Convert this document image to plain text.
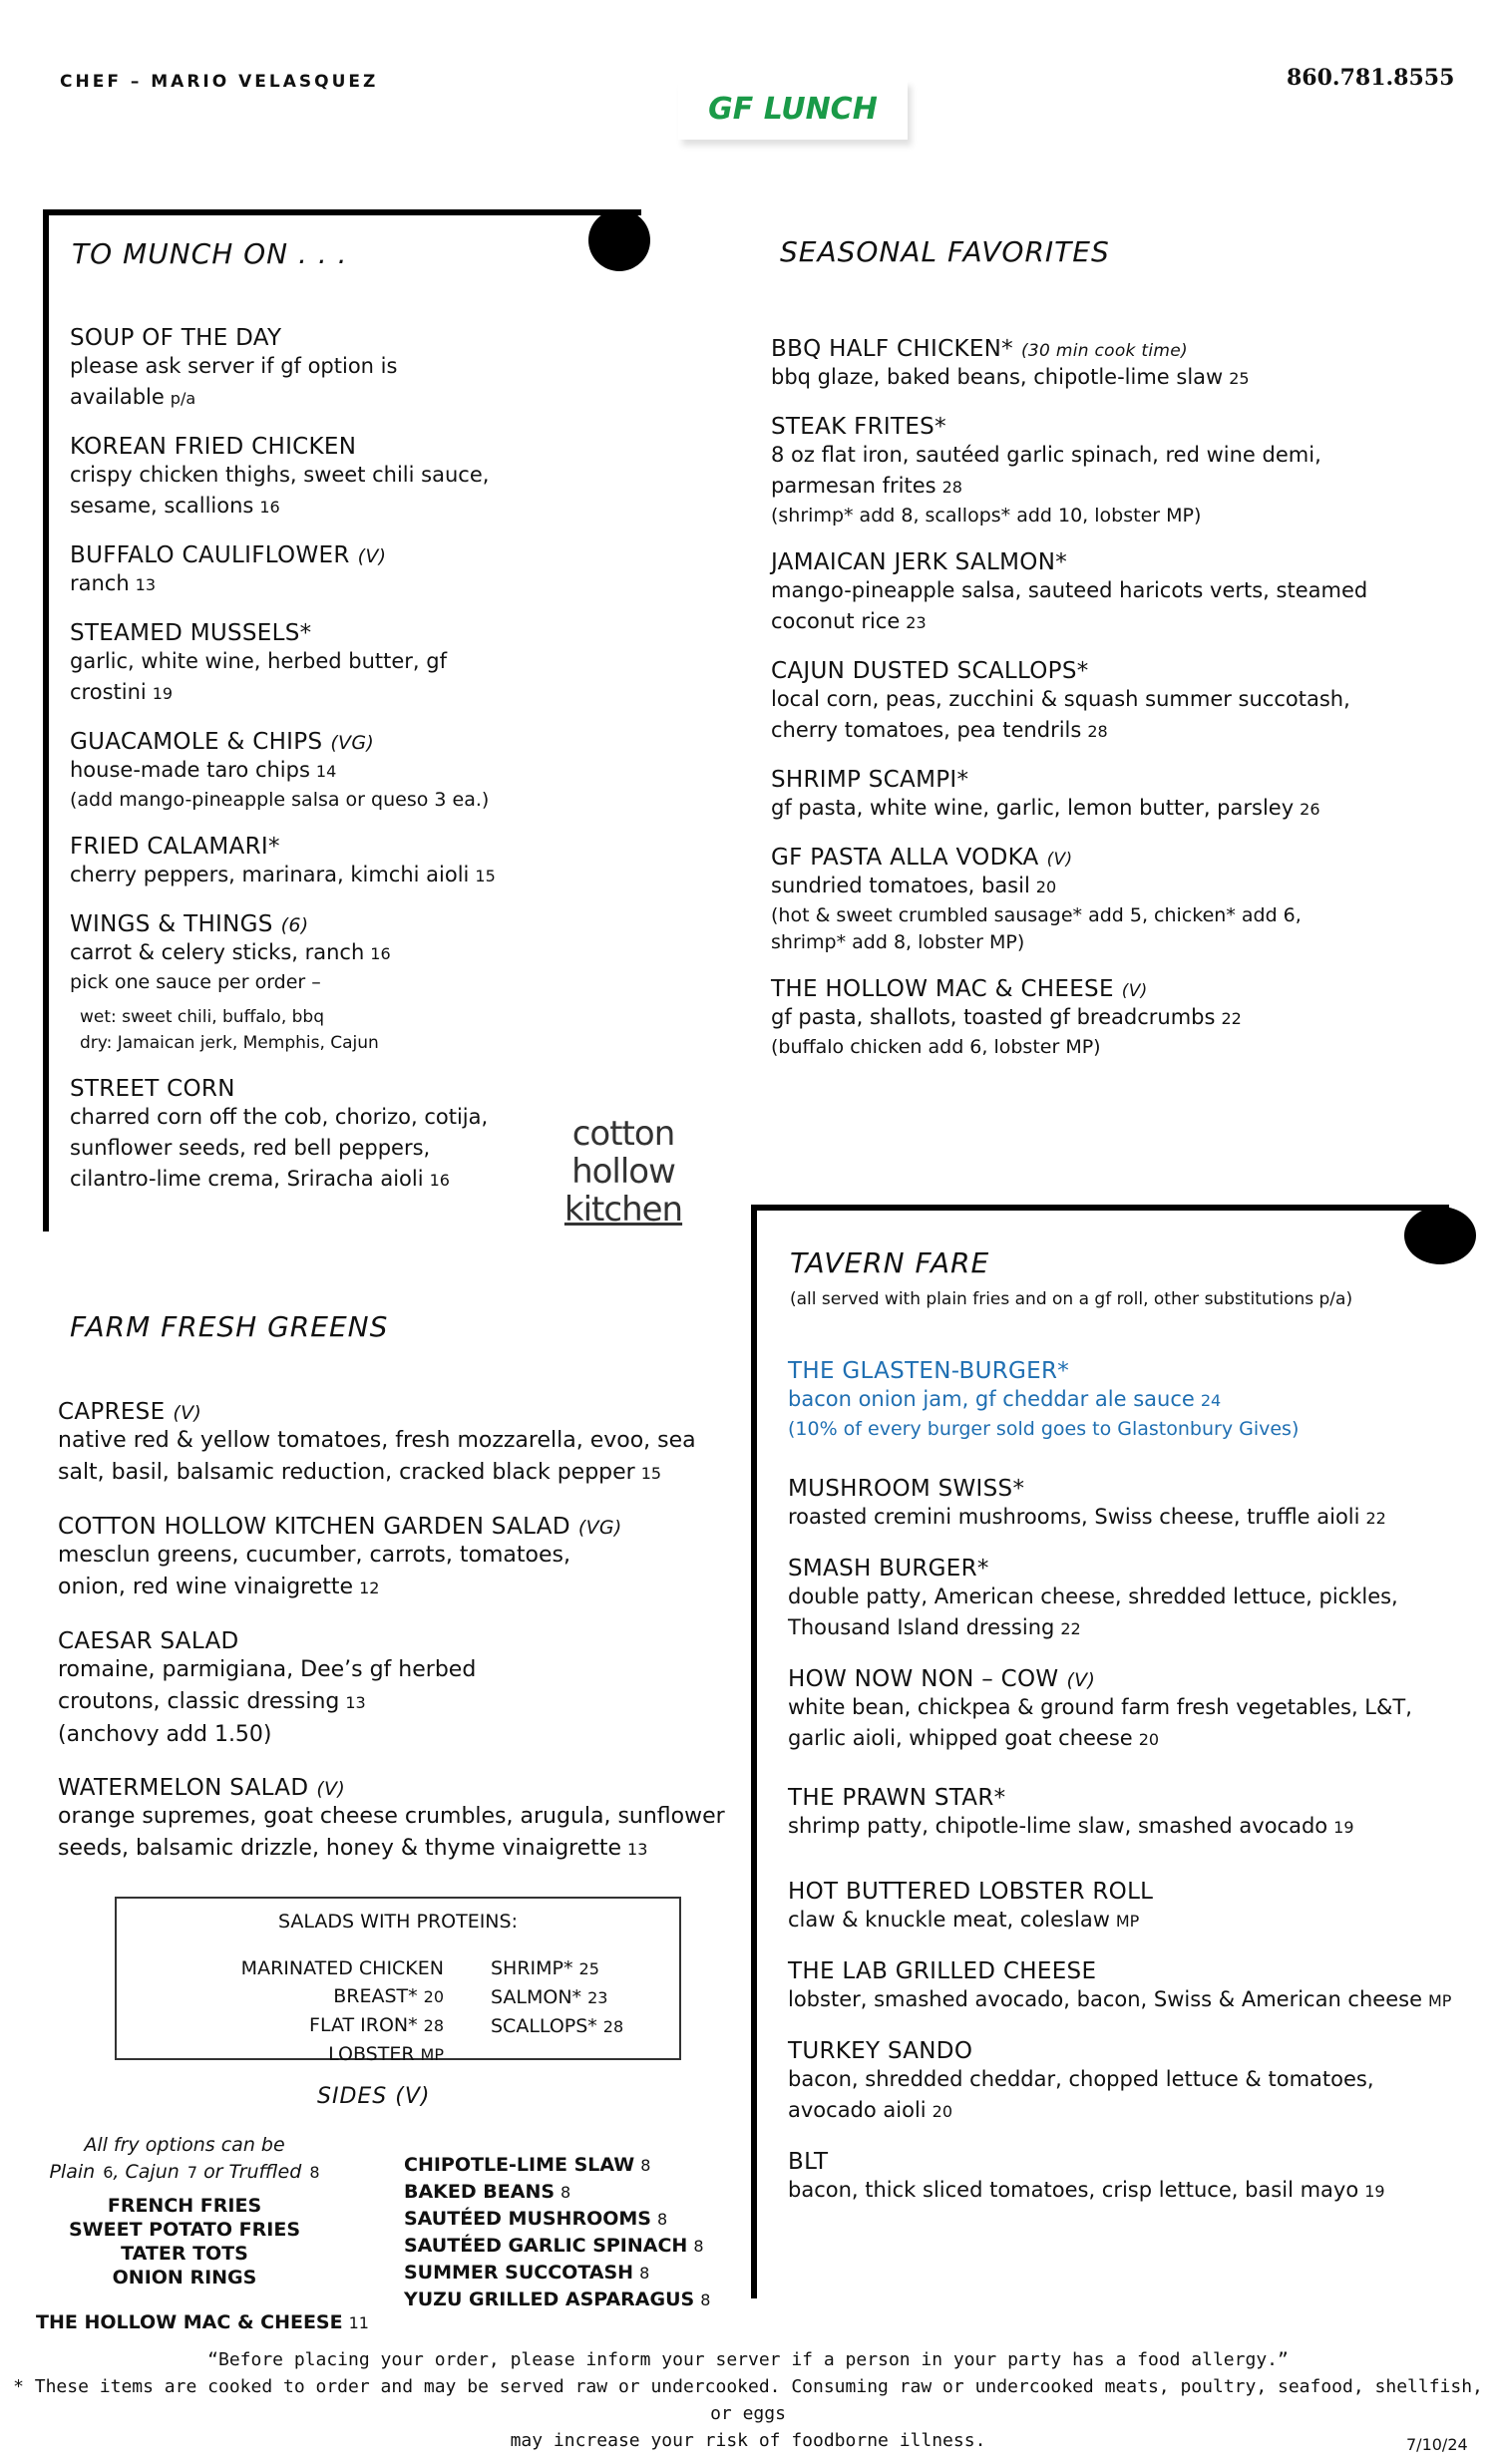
CHEF – MARIO VELASQUEZ
GF LUNCH
860.781.8555
TO MUNCH ON . . .
SOUP OF THE DAY
please ask server if gf option is available p/a
KOREAN FRIED CHICKEN
crispy chicken thighs, sweet chili sauce, sesame, scallions 16
BUFFALO CAULIFLOWER (V)
ranch 13
STEAMED MUSSELS*
garlic, white wine, herbed butter, gf crostini 19
GUACAMOLE & CHIPS (VG)
house-made taro chips 14
(add mango-pineapple salsa or queso 3 ea.)
FRIED CALAMARI*
cherry peppers, marinara, kimchi aioli 15
WINGS & THINGS (6)
carrot & celery sticks, ranch 16
pick one sauce per order –
wet: sweet chili, buffalo, bbq
dry: Jamaican jerk, Memphis, Cajun
STREET CORN
charred corn off the cob, chorizo, cotija, sunflower seeds, red bell peppers, cilantro-lime crema, Sriracha aioli 16
cotton
hollow
kitchen
SEASONAL FAVORITES
BBQ HALF CHICKEN* (30 min cook time)
bbq glaze, baked beans, chipotle-lime slaw 25
STEAK FRITES*
8 oz flat iron, sautéed garlic spinach, red wine demi, parmesan frites 28
(shrimp* add 8, scallops* add 10, lobster MP)
JAMAICAN JERK SALMON*
mango-pineapple salsa, sauteed haricots verts, steamed coconut rice 23
CAJUN DUSTED SCALLOPS*
local corn, peas, zucchini & squash summer succotash, cherry tomatoes, pea tendrils 28
SHRIMP SCAMPI*
gf pasta, white wine, garlic, lemon butter, parsley 26
GF PASTA ALLA VODKA (V)
sundried tomatoes, basil 20
(hot & sweet crumbled sausage* add 5, chicken* add 6, shrimp* add 8, lobster MP)
THE HOLLOW MAC & CHEESE (V)
gf pasta, shallots, toasted gf breadcrumbs 22
(buffalo chicken add 6, lobster MP)
FARM FRESH GREENS
CAPRESE (V)
native red & yellow tomatoes, fresh mozzarella, evoo, sea salt, basil, balsamic reduction, cracked black pepper 15
COTTON HOLLOW KITCHEN GARDEN SALAD (VG)
mesclun greens, cucumber, carrots, tomatoes, onion, red wine vinaigrette 12
CAESAR SALAD
romaine, parmigiana, Dee’s gf herbed croutons, classic dressing 13
(anchovy add 1.50)
WATERMELON SALAD (V)
orange supremes, goat cheese crumbles, arugula, sunflower seeds, balsamic drizzle, honey & thyme vinaigrette 13
SALADS WITH PROTEINS:
MARINATED CHICKEN BREAST* 20
FLAT IRON* 28
LOBSTER MP
SHRIMP* 25
SALMON* 23
SCALLOPS* 28
SIDES (V)
All fry options can be
Plain 6, Cajun 7 or Truffled 8
FRENCH FRIES
SWEET POTATO FRIES
TATER TOTS
ONION RINGS
THE HOLLOW MAC & CHEESE 11
CHIPOTLE-LIME SLAW 8
BAKED BEANS 8
SAUTÉED MUSHROOMS 8
SAUTÉED GARLIC SPINACH 8
SUMMER SUCCOTASH 8
YUZU GRILLED ASPARAGUS 8
TAVERN FARE
(all served with plain fries and on a gf roll, other substitutions p/a)
THE GLASTEN-BURGER*
bacon onion jam, gf cheddar ale sauce 24
(10% of every burger sold goes to Glastonbury Gives)
MUSHROOM SWISS*
roasted cremini mushrooms, Swiss cheese, truffle aioli 22
SMASH BURGER*
double patty, American cheese, shredded lettuce, pickles, Thousand Island dressing 22
HOW NOW NON – COW (V)
white bean, chickpea & ground farm fresh vegetables, L&T, garlic aioli, whipped goat cheese 20
THE PRAWN STAR*
shrimp patty, chipotle-lime slaw, smashed avocado 19
HOT BUTTERED LOBSTER ROLL
claw & knuckle meat, coleslaw MP
THE LAB GRILLED CHEESE
lobster, smashed avocado, bacon, Swiss & American cheese MP
TURKEY SANDO
bacon, shredded cheddar, chopped lettuce & tomatoes, avocado aioli 20
BLT
bacon, thick sliced tomatoes, crisp lettuce, basil mayo 19
“Before placing your order, please inform your server if a person in your party has a food allergy.”
* These items are cooked to order and may be served raw or undercooked. Consuming raw or undercooked meats, poultry, seafood, shellfish, or eggs
may increase your risk of foodborne illness.	7/10/24
